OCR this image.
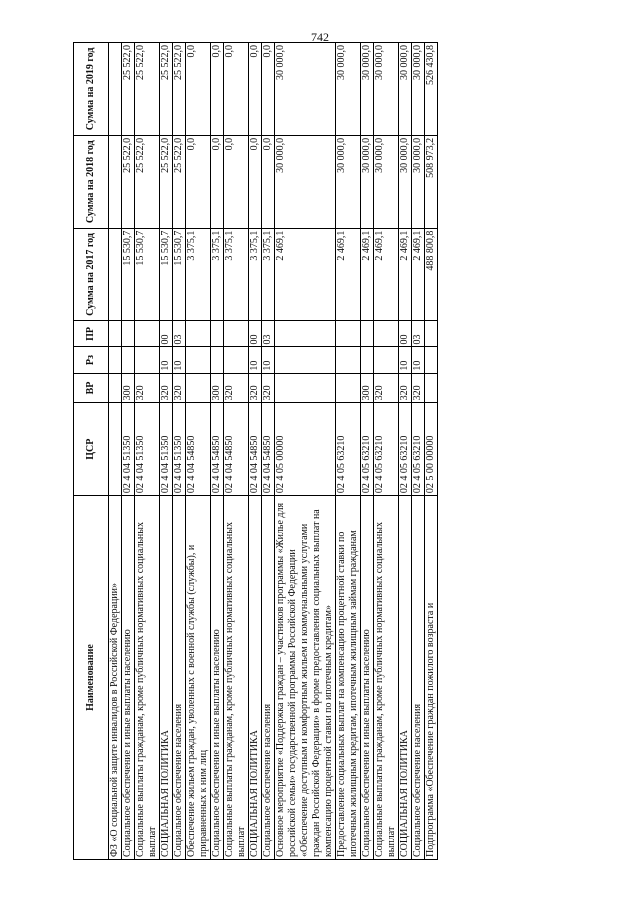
742
Наименование	ЦСР	ВР	Рз	ПР	Сумма на 2017 год	Сумма на 2018 год	Сумма на 2019 год
ФЗ «О социальной защите инвалидов в Российской Федерации»							
Социальное обеспечение и иные выплаты населению	02 4 04 51350	300			15 530,7	25 522,0	25 522,0
Социальные выплаты гражданам, кроме публичных нормативных социальных выплат	02 4 04 51350	320			15 530,7	25 522,0	25 522,0
СОЦИАЛЬНАЯ ПОЛИТИКА	02 4 04 51350	320	10	00	15 530,7	25 522,0	25 522,0
Социальное обеспечение населения	02 4 04 51350	320	10	03	15 530,7	25 522,0	25 522,0
Обеспечение жильем граждан, уволенных с военной службы (службы), и приравненных к ним лиц	02 4 04 54850				3 375,1	0,0	0,0
Социальное обеспечение и иные выплаты населению	02 4 04 54850	300			3 375,1	0,0	0,0
Социальные выплаты гражданам, кроме публичных нормативных социальных выплат	02 4 04 54850	320			3 375,1	0,0	0,0
СОЦИАЛЬНАЯ ПОЛИТИКА	02 4 04 54850	320	10	00	3 375,1	0,0	0,0
Социальное обеспечение населения	02 4 04 54850	320	10	03	3 375,1	0,0	0,0
Основное мероприятие «Поддержка граждан – участников программы «Жилье для российской семьи» государственной программы Российской Федерации «Обеспечение доступным и комфортным жильем и коммунальными услугами граждан Российской Федерации» в форме предоставления социальных выплат на компенсацию процентной ставки по ипотечным кредитам»	02 4 05 00000				2 469,1	30 000,0	30 000,0
Предоставление социальных выплат на компенсацию процентной ставки по ипотечным жилищным кредитам, ипотечным жилищным займам гражданам	02 4 05 63210				2 469,1	30 000,0	30 000,0
Социальное обеспечение и иные выплаты населению	02 4 05 63210	300			2 469,1	30 000,0	30 000,0
Социальные выплаты гражданам, кроме публичных нормативных социальных выплат	02 4 05 63210	320			2 469,1	30 000,0	30 000,0
СОЦИАЛЬНАЯ ПОЛИТИКА	02 4 05 63210	320	10	00	2 469,1	30 000,0	30 000,0
Социальное обеспечение населения	02 4 05 63210	320	10	03	2 469,1	30 000,0	30 000,0
Подпрограмма «Обеспечение граждан пожилого возраста и	02 5 00 00000				488 800,8	508 973,2	526 430,8
